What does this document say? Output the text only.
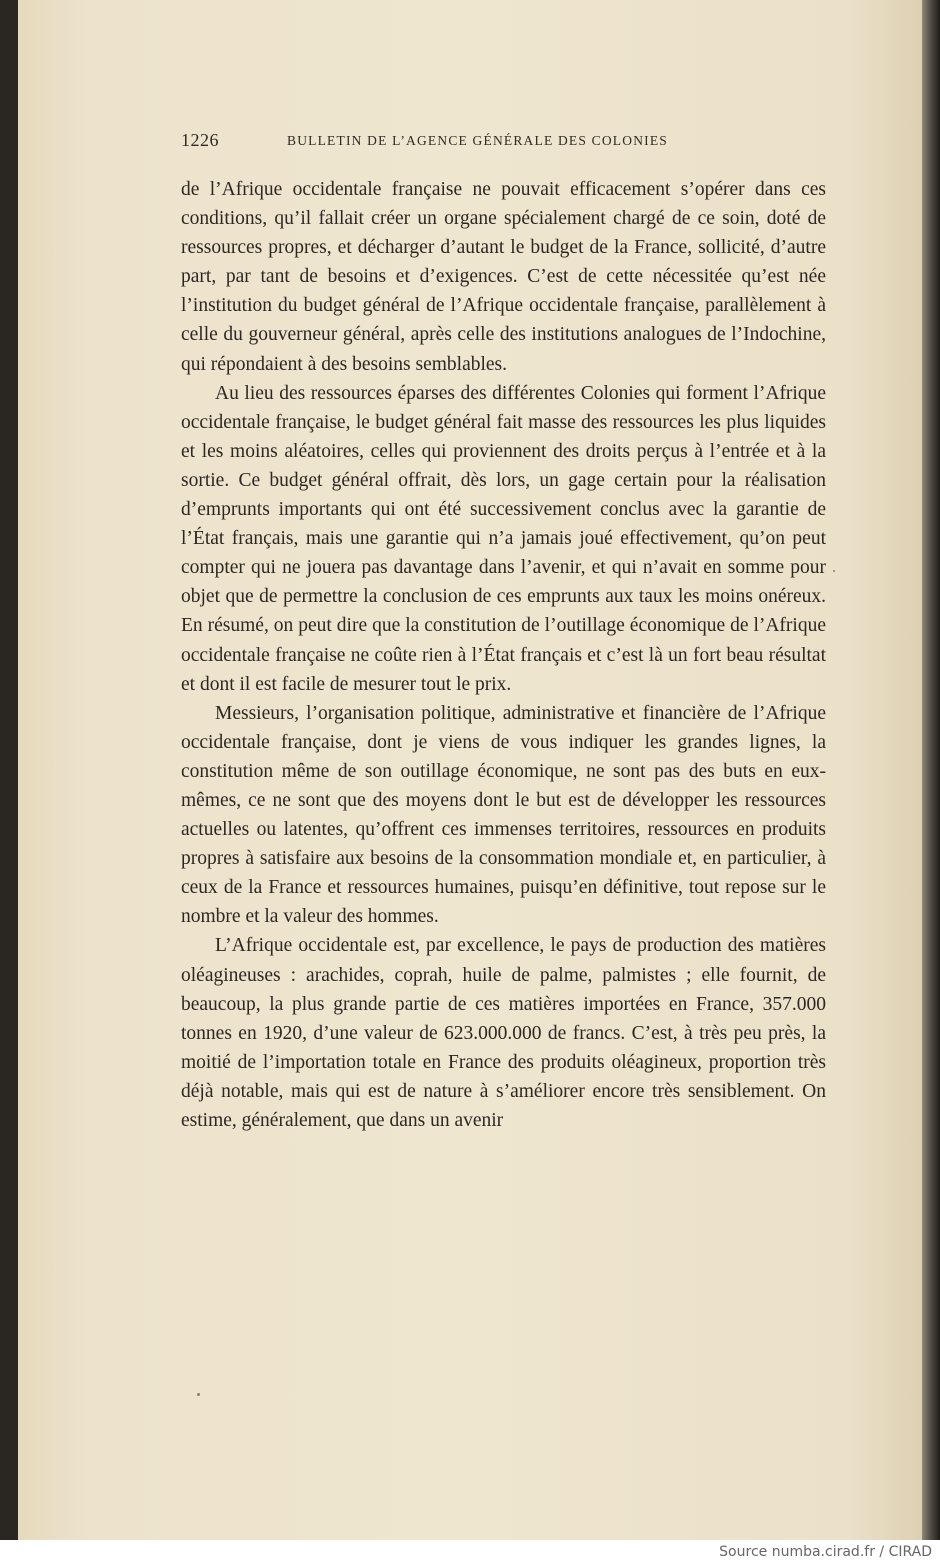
1226	BULLETIN DE L’AGENCE GÉNÉRALE DES COLONIES

de l’Afrique occidentale française ne pouvait efficacement s’opérer dans ces conditions, qu’il fallait créer un organe spécialement chargé de ce soin, doté de ressources propres, et décharger d’autant le budget de la France, sollicité, d’autre part, par tant de besoins et d’exigences. C’est de cette nécessitée qu’est née l’institution du budget général de l’Afrique occidentale française, parallèlement à celle du gouverneur général, après celle des institutions analogues de l’Indochine, qui répondaient à des besoins semblables.

Au lieu des ressources éparses des différentes Colonies qui forment l’Afrique occidentale française, le budget général fait masse des ressources les plus liquides et les moins aléatoires, celles qui proviennent des droits perçus à l’entrée et à la sortie. Ce budget général offrait, dès lors, un gage certain pour la réalisation d’emprunts importants qui ont été successivement conclus avec la garantie de l’État français, mais une garantie qui n’a jamais joué effectivement, qu’on peut compter qui ne jouera pas davantage dans l’avenir, et qui n’avait en somme pour objet que de permettre la conclusion de ces emprunts aux taux les moins onéreux. En résumé, on peut dire que la constitution de l’outillage économique de l’Afrique occidentale française ne coûte rien à l’État français et c’est là un fort beau résultat et dont il est facile de mesurer tout le prix.

Messieurs, l’organisation politique, administrative et financière de l’Afrique occidentale française, dont je viens de vous indiquer les grandes lignes, la constitution même de son outillage économique, ne sont pas des buts en eux-mêmes, ce ne sont que des moyens dont le but est de développer les ressources actuelles ou latentes, qu’offrent ces immenses territoires, ressources en produits propres à satisfaire aux besoins de la consommation mondiale et, en particulier, à ceux de la France et ressources humaines, puisqu’en définitive, tout repose sur le nombre et la valeur des hommes.

L’Afrique occidentale est, par excellence, le pays de production des matières oléagineuses : arachides, coprah, huile de palme, palmistes ; elle fournit, de beaucoup, la plus grande partie de ces matières importées en France, 357.000 tonnes en 1920, d’une valeur de 623.000.000 de francs. C’est, à très peu près, la moitié de l’importation totale en France des produits oléagineux, proportion très déjà notable, mais qui est de nature à s’améliorer encore très sensiblement. On estime, généralement, que dans un avenir

Source numba.cirad.fr / CIRAD
